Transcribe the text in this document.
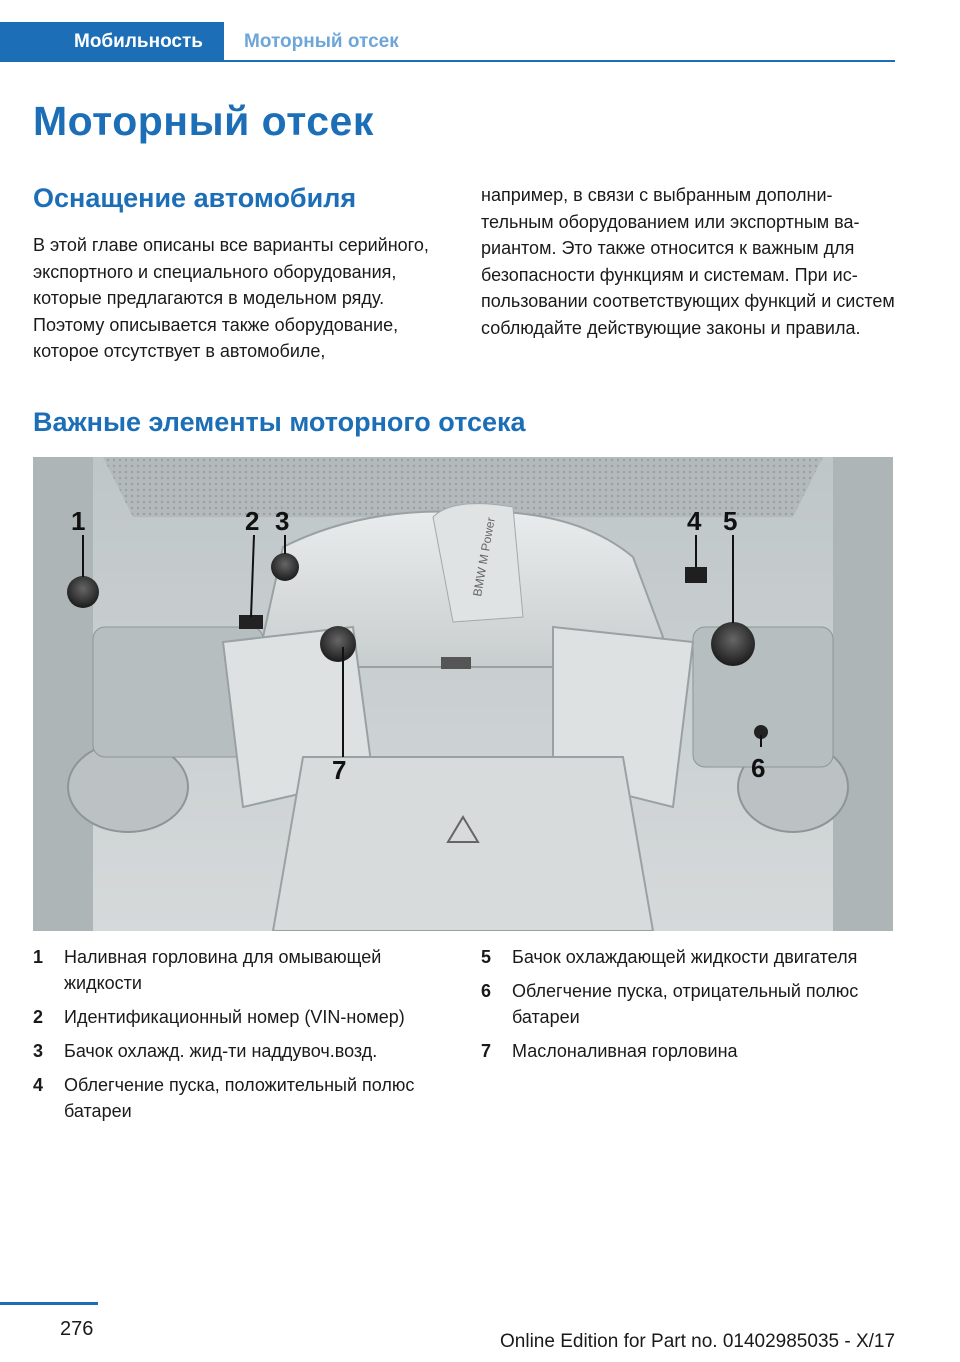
Мобильность Моторный отсек
Моторный отсек
Оснащение автомобиля

В этой главе описаны все варианты серийного, экспортного и специального оборудования, которые предлагаются в модельном ряду. Поэтому описывается также оборудование, которое отсутствует в автомобиле,

например, в связи с выбранным дополнительным оборудованием или экспортным вариантом. Это также относится к важным для безопасности функциям и системам. При использовании соответствующих функций и систем соблюдайте действующие законы и правила.

Важные элементы моторного отсека
BMW M Power
1	2 3	4 5
6
7
1 Наливная горловина для омывающей жидкости
2 Идентификационный номер (VIN-номер)
3 Бачок охлажд. жид-ти наддувоч.возд.
4 Облегчение пуска, положительный полюс батареи
5 Бачок охлаждающей жидкости двигателя
6 Облегчение пуска, отрицательный полюс батареи
7 Маслоналивная горловина
276
Online Edition for Part no. 01402985035 - X/17
